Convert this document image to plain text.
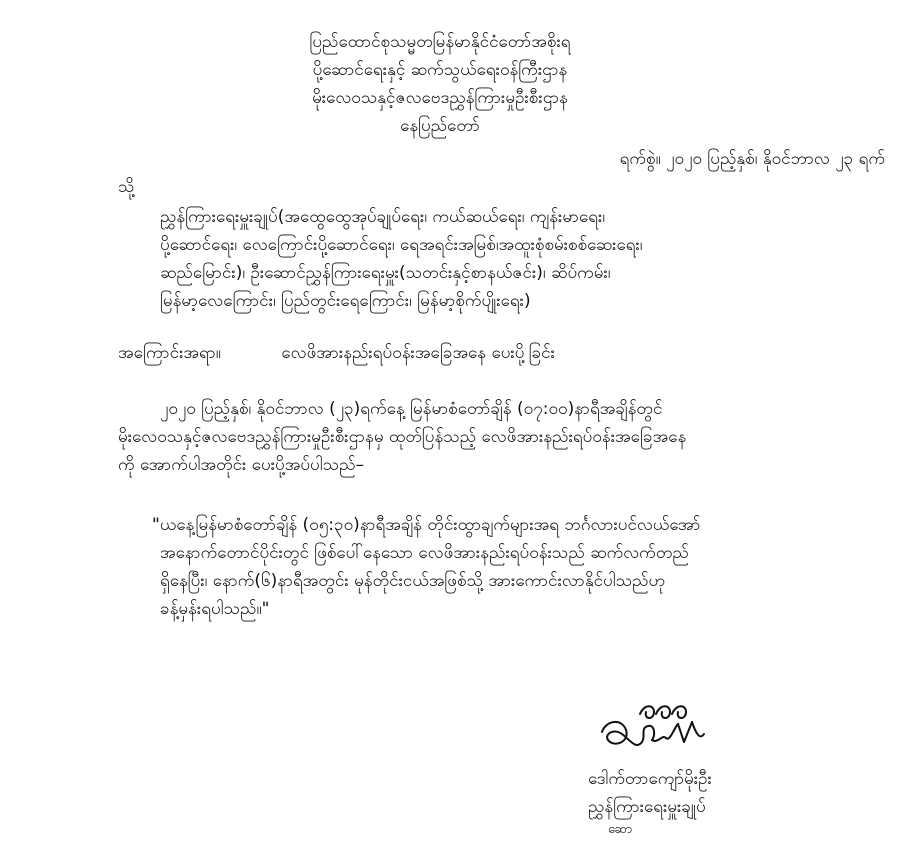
ပြည်ထောင်စုသမ္မတမြန်မာနိုင်ငံတော်အစိုးရ
ပို့ဆောင်ရေးနှင့် ဆက်သွယ်ရေးဝန်ကြီးဌာန
မိုးလေဝသနှင့်ဇလဗေဒညွှန်ကြားမှုဦးစီးဌာန
နေပြည်တော်
ရက်စွဲ။ ၂၀၂၀ ပြည့်နှစ်၊ နိုဝင်ဘာလ ၂၃ ရက်
သို့
ညွှန်ကြားရေးမှူးချုပ်(အထွေထွေအုပ်ချုပ်ရေး၊ ကယ်ဆယ်ရေး၊ ကျန်းမာရေး၊
ပို့ဆောင်ရေး၊ လေကြောင်းပို့ဆောင်ရေး၊ ရေအရင်းအမြစ်၊အထူးစုံစမ်းစစ်ဆေးရေး၊
ဆည်မြောင်း)၊ ဦးဆောင်ညွှန်ကြားရေးမှူး(သတင်းနှင့်စာနယ်ဇင်း)၊ ဆိပ်ကမ်း၊
မြန်မာ့လေကြောင်း၊ ပြည်တွင်းရေကြောင်း၊ မြန်မာ့စိုက်ပျိုးရေး)
အကြောင်းအရာ။	လေဖိအားနည်းရပ်ဝန်းအခြေအနေ ပေးပို့ခြင်း
၂၀၂၀ ပြည့်နှစ်၊ နိုဝင်ဘာလ (၂၃)ရက်နေ့ မြန်မာစံတော်ချိန် (၀၇:၀၀)နာရီအချိန်တွင်
မိုးလေဝသနှင့်ဇလဗေဒညွှန်ကြားမှုဦးစီးဌာနမှ ထုတ်ပြန်သည့် လေဖိအားနည်းရပ်ဝန်းအခြေအနေ
ကို အောက်ပါအတိုင်း ပေးပို့အပ်ပါသည်–
"ယနေ့မြန်မာစံတော်ချိန် (၀၅:၃၀)နာရီအချိန် တိုင်းထွာချက်များအရ ဘင်္ဂလားပင်လယ်အော်
အနောက်တောင်ပိုင်းတွင် ဖြစ်ပေါ်နေသော လေဖိအားနည်းရပ်ဝန်းသည် ဆက်လက်တည်
ရှိနေပြီး၊ နောက်(၆)နာရီအတွင်း မုန်တိုင်းငယ်အဖြစ်သို့ အားကောင်းလာနိုင်ပါသည်ဟု
ခန့်မှန်းရပါသည်။"
ဒေါက်တာကျော်မိုးဦး
ညွှန်ကြားရေးမှူးချုပ်
ဆော
